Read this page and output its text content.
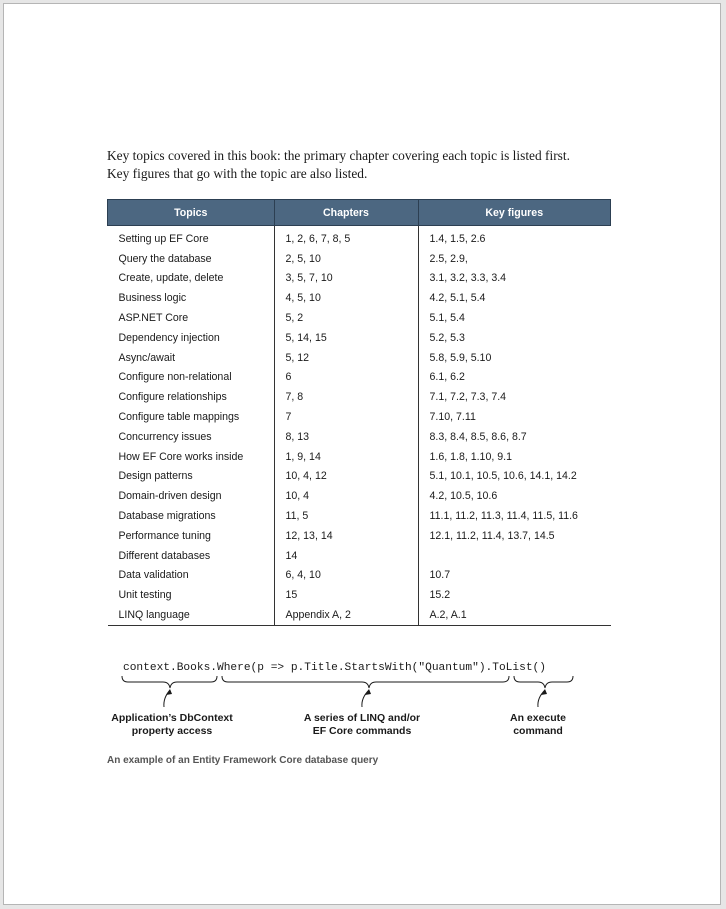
Key topics covered in this book: the primary chapter covering each topic is listed first.
Key figures that go with the topic are also listed.

Topics	Chapters	Key figures
Setting up EF Core	1, 2, 6, 7, 8, 5	1.4, 1.5, 2.6
Query the database	2, 5, 10	2.5, 2.9,
Create, update, delete	3, 5, 7, 10	3.1, 3.2, 3.3, 3.4
Business logic	4, 5, 10	4.2, 5.1, 5.4
ASP.NET Core	5, 2	5.1, 5.4
Dependency injection	5, 14, 15	5.2, 5.3
Async/await	5, 12	5.8, 5.9, 5.10
Configure non-relational	6	6.1, 6.2
Configure relationships	7, 8	7.1, 7.2, 7.3, 7.4
Configure table mappings	7	7.10, 7.11
Concurrency issues	8, 13	8.3, 8.4, 8.5, 8.6, 8.7
How EF Core works inside	1, 9, 14	1.6, 1.8, 1.10, 9.1
Design patterns	10, 4, 12	5.1, 10.1, 10.5, 10.6, 14.1, 14.2
Domain-driven design	10, 4	4.2, 10.5, 10.6
Database migrations	11, 5	11.1, 11.2, 11.3, 11.4, 11.5, 11.6
Performance tuning	12, 13, 14	12.1, 11.2, 11.4, 13.7, 14.5
Different databases	14	
Data validation	6, 4, 10	10.7
Unit testing	15	15.2
LINQ language	Appendix A, 2	A.2, A.1
context.Books.Where(p => p.Title.StartsWith("Quantum").ToList()
Application’s DbContext
property access
A series of LINQ and/or
EF Core commands
An execute
command
An example of an Entity Framework Core database query
